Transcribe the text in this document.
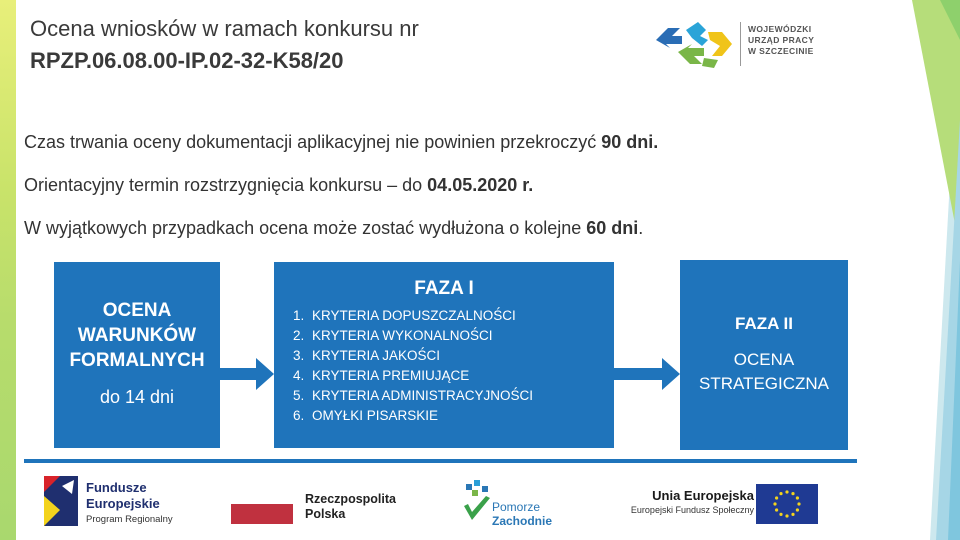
Ocena wniosków w ramach konkursu nr
RPZP.06.08.00-IP.02-32-K58/20
WOJEWÓDZKI
URZĄD PRACY
W SZCZECINIE
Czas trwania oceny dokumentacji aplikacyjnej nie powinien przekroczyć 90 dni.
Orientacyjny termin rozstrzygnięcia konkursu – do 04.05.2020 r.
W wyjątkowych przypadkach ocena może zostać wydłużona o kolejne 60 dni.
OCENA
WARUNKÓW
FORMALNYCH
do 14 dni
FAZA I
1. KRYTERIA DOPUSZCZALNOŚCI
2. KRYTERIA WYKONALNOŚCI
3. KRYTERIA JAKOŚCI
4. KRYTERIA PREMIUJĄCE
5. KRYTERIA ADMINISTRACYJNOŚCI
6. OMYŁKI PISARSKIE
FAZA II
OCENA
STRATEGICZNA
Fundusze
Europejskie
Program Regionalny
Rzeczpospolita
Polska	Pomorze
Zachodnie
Unia Europejska
Europejski Fundusz Społeczny
